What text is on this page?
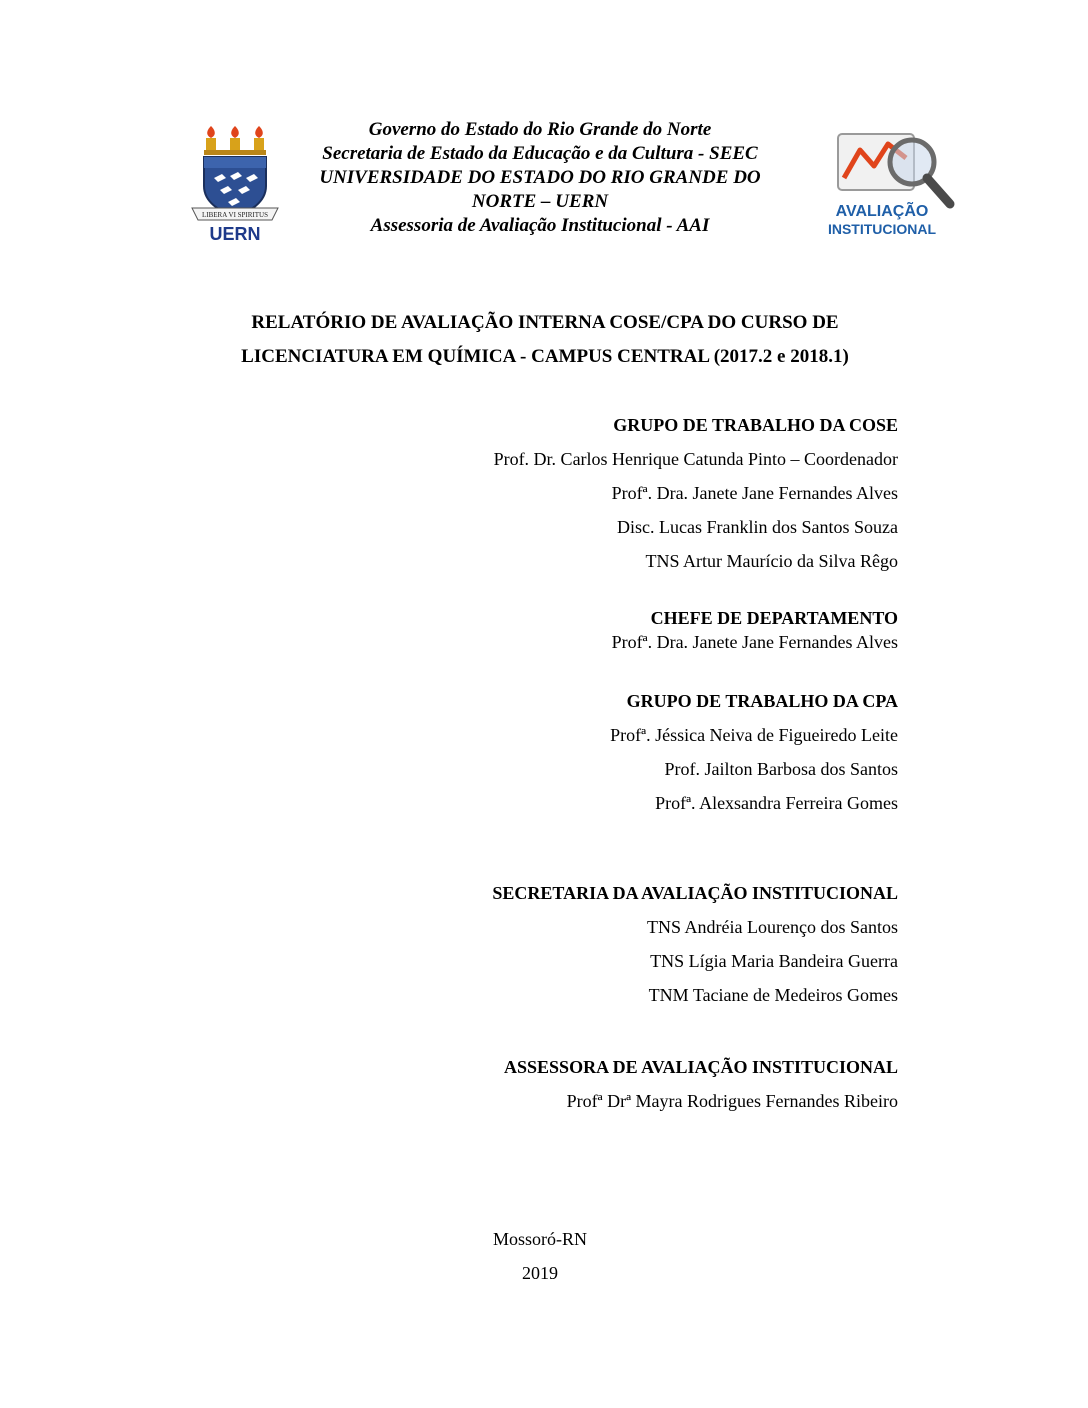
LIBERA VI SPIRITUS
UERN
Governo do Estado do Rio Grande do Norte
Secretaria de Estado da Educação e da Cultura - SEEC
UNIVERSIDADE DO ESTADO DO RIO GRANDE DO
NORTE – UERN
Assessoria de Avaliação Institucional - AAI
AVALIAÇÃO
INSTITUCIONAL
RELATÓRIO DE AVALIAÇÃO INTERNA COSE/CPA DO CURSO DE
LICENCIATURA EM QUÍMICA - CAMPUS CENTRAL (2017.2 e 2018.1)
GRUPO DE TRABALHO DA COSE
Prof. Dr. Carlos Henrique Catunda Pinto – Coordenador
Profª. Dra. Janete Jane Fernandes Alves
Disc. Lucas Franklin dos Santos Souza
TNS Artur Maurício da Silva Rêgo
CHEFE DE DEPARTAMENTO
Profª. Dra. Janete Jane Fernandes Alves
GRUPO DE TRABALHO DA CPA
Profª. Jéssica Neiva de Figueiredo Leite
Prof. Jailton Barbosa dos Santos
Profª. Alexsandra Ferreira Gomes
SECRETARIA DA AVALIAÇÃO INSTITUCIONAL
TNS Andréia Lourenço dos Santos
TNS Lígia Maria Bandeira Guerra
TNM Taciane de Medeiros Gomes
ASSESSORA DE AVALIAÇÃO INSTITUCIONAL
Profª Drª Mayra Rodrigues Fernandes Ribeiro
Mossoró-RN
2019
